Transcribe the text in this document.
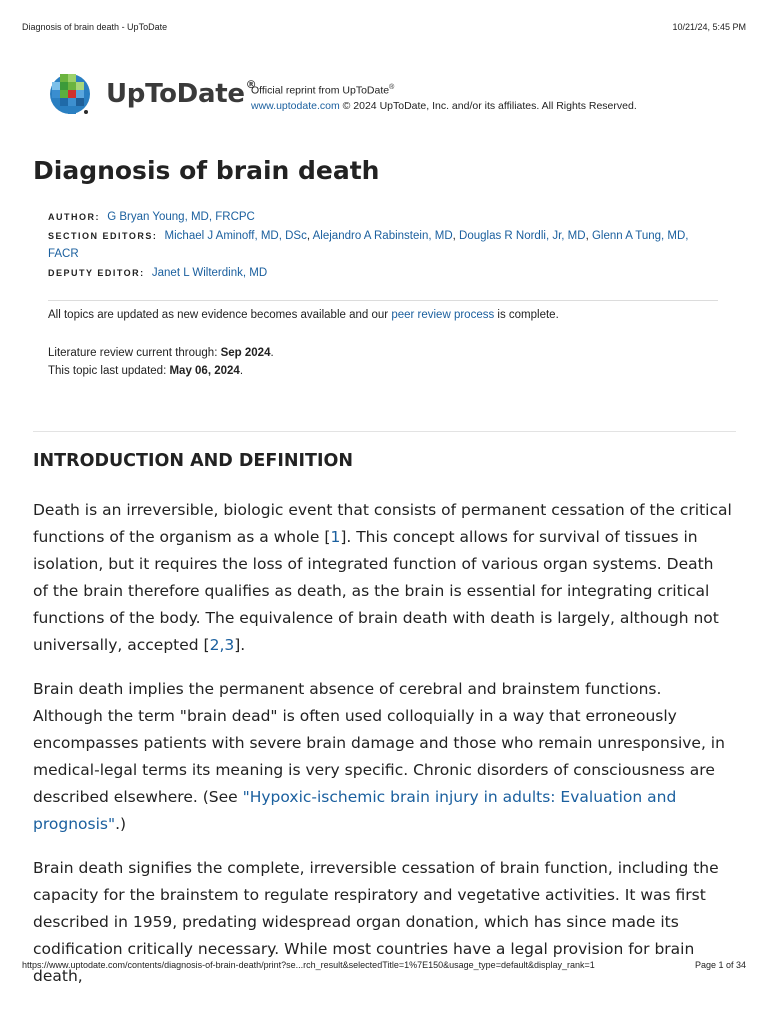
Diagnosis of brain death - UpToDate	10/21/24, 5:45 PM
UpToDate®
Official reprint from UpToDate®
www.uptodate.com © 2024 UpToDate, Inc. and/or its affiliates. All Rights Reserved.
Diagnosis of brain death
AUTHOR: G Bryan Young, MD, FRCPC
SECTION EDITORS: Michael J Aminoff, MD, DSc, Alejandro A Rabinstein, MD, Douglas R Nordli, Jr, MD, Glenn A Tung, MD, FACR
DEPUTY EDITOR: Janet L Wilterdink, MD
All topics are updated as new evidence becomes available and our peer review process is complete.
Literature review current through: Sep 2024.
This topic last updated: May 06, 2024.
INTRODUCTION AND DEFINITION

Death is an irreversible, biologic event that consists of permanent cessation of the critical functions of the organism as a whole [1]. This concept allows for survival of tissues in isolation, but it requires the loss of integrated function of various organ systems. Death of the brain therefore qualifies as death, as the brain is essential for integrating critical functions of the body. The equivalence of brain death with death is largely, although not universally, accepted [2,3].

Brain death implies the permanent absence of cerebral and brainstem functions. Although the term "brain dead" is often used colloquially in a way that erroneously encompasses patients with severe brain damage and those who remain unresponsive, in medical-legal terms its meaning is very specific. Chronic disorders of consciousness are described elsewhere. (See "Hypoxic-ischemic brain injury in adults: Evaluation and prognosis".)

Brain death signifies the complete, irreversible cessation of brain function, including the capacity for the brainstem to regulate respiratory and vegetative activities. It was first described in 1959, predating widespread organ donation, which has since made its codification critically necessary. While most countries have a legal provision for brain death,

https://www.uptodate.com/contents/diagnosis-of-brain-death/print?se...rch_result&selectedTitle=1%7E150&usage_type=default&display_rank=1	Page 1 of 34
